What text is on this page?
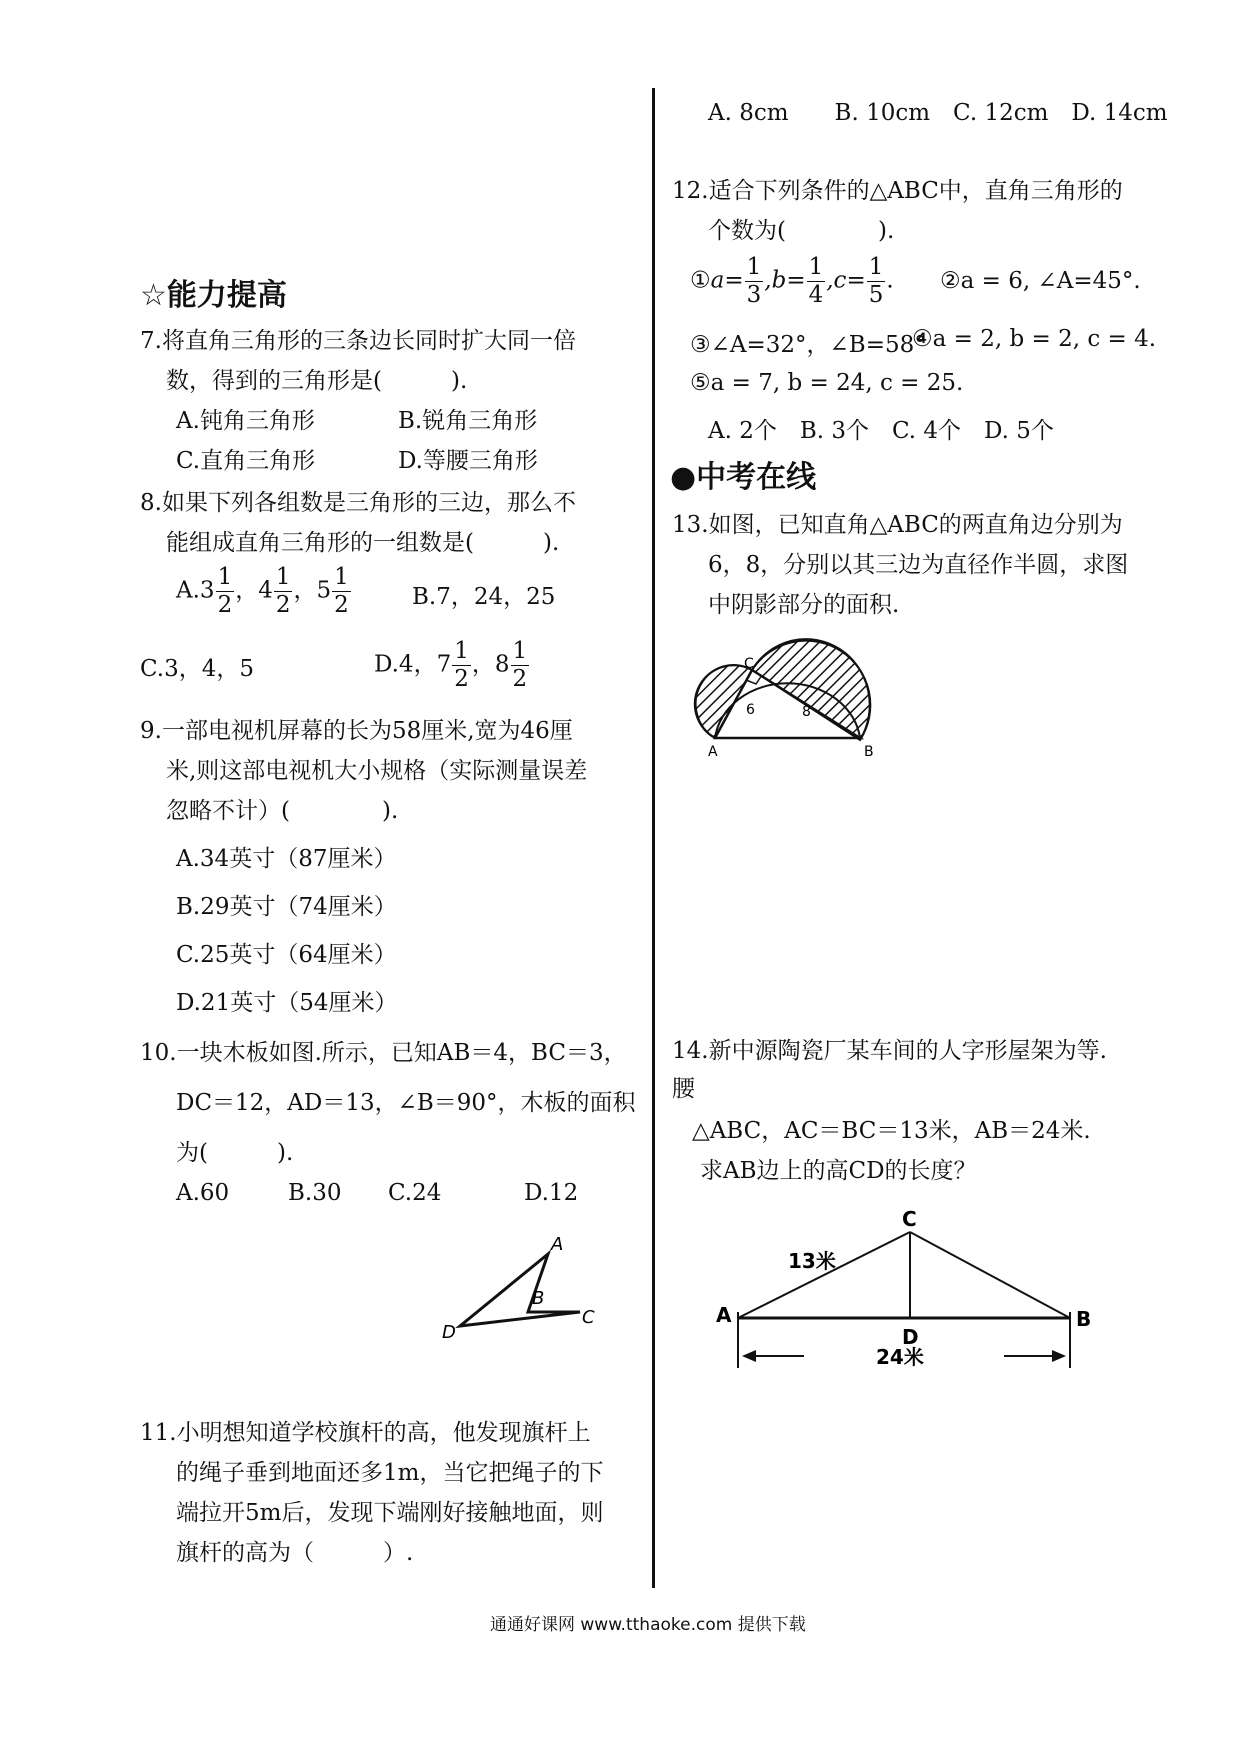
☆能力提高
7.将直角三角形的三条边长同时扩大同一倍
数，得到的三角形是(　　　).
A.钝角三角形	B.锐角三角形
C.直角三角形	D.等腰三角形
8.如果下列各组数是三角形的三边，那么不
能组成直角三角形的一组数是(　　　).
$A.3 \frac{1}{2}$ ，$4 \frac{1}{2}$ ，$5 \frac{1}{2}$	B.7，24，25
C.3，4，5	D.4，$7 \frac{1}{2}$ ，$8 \frac{1}{2}$
9.一部电视机屏幕的长为58厘米,宽为46厘
米,则这部电视机大小规格（实际测量误差
忽略不计）(　　　　).
A.34英寸（87厘米）
B.29英寸（74厘米）
C.25英寸（64厘米）
D.21英寸（54厘米）
10.一块木板如图.所示，已知AB＝4，BC＝3，
DC＝12，AD＝13，∠B＝90°，木板的面积
为(　　　).
A.60	B.30 C.24	D.12
A
B
C
D
11.小明想知道学校旗杆的高，他发现旗杆上
的绳子垂到地面还多1m，当它把绳子的下
端拉开5m后，发现下端刚好接触地面，则
旗杆的高为（　　　）.
A. 8cm　　B. 10cm　C. 12cm　D. 14cm
12.适合下列条件的△ABC中，直角三角形的
个数为(　　　　).
①a= $\frac{1}{3} ,b= \frac{1}{4} ,c= \frac{1}{5}$ . ②a = 6, ∠A=45°.
③∠A=32°，∠B=58°
④a = 2, b = 2, c = 4.
⑤a = 7, b = 24, c = 25.
A. 2个　B. 3个　C. 4个　D. 5个
●中考在线
13.如图，已知直角△ABC的两直角边分别为
6，8，分别以其三边为直径作半圆，求图
中阴影部分的面积.
C
A	B
6	8
14.新中源陶瓷厂某车间的人字形屋架为等.
腰
△ABC，AC＝BC＝13米，AB＝24米.
求AB边上的高CD的长度？
C
A	B
D
13米
24米
通通好课网 www.tthaoke.com 提供下载
